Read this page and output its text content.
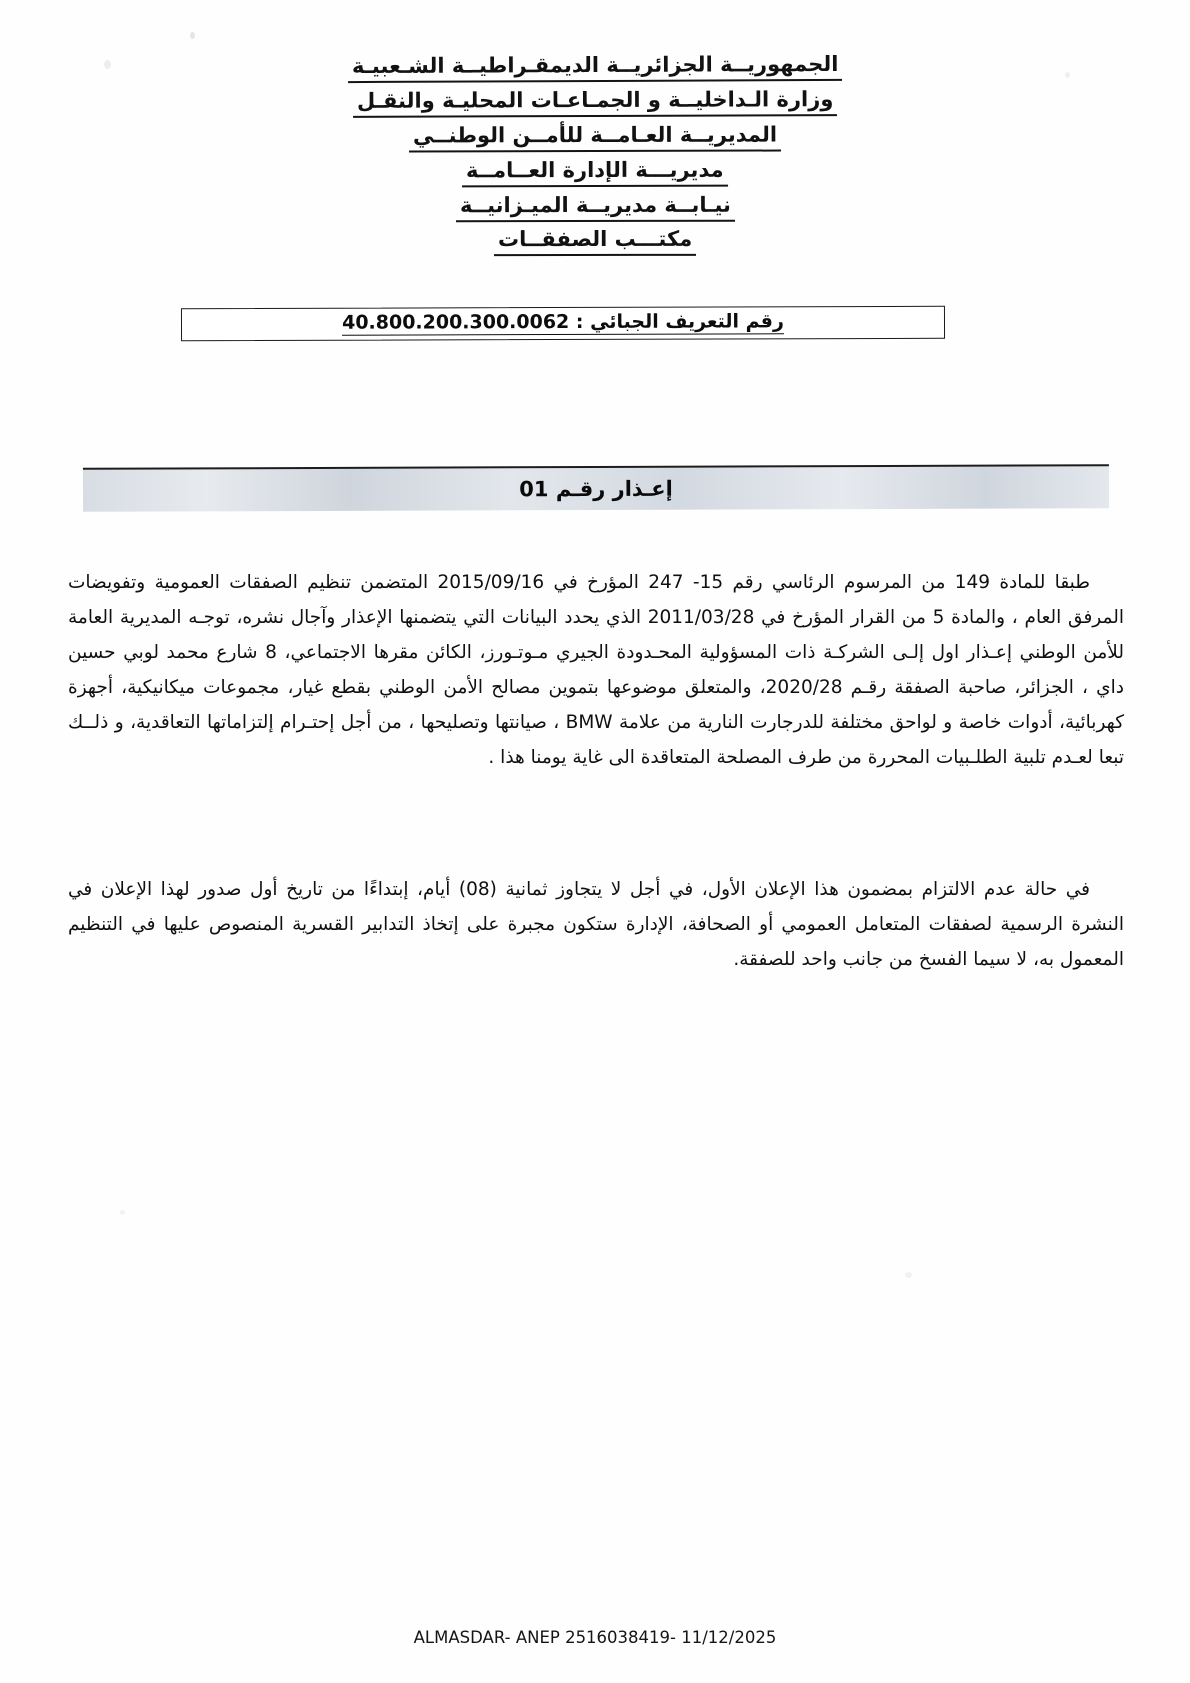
الجمهوريــة الجزائريــة الديمقـراطيــة الشـعبيـة
وزارة الـداخليــة و الجمـاعـات المحليـة والنقـل
المديريــة العـامــة للأمــن الوطنــي
مديريـــة الإدارة العــامــة
نيـابــة مديريــة الميـزانيــة
مكتـــب الصفقــات
رقم التعريف الجبائي : 40.800.200.300.0062
إعـذار رقـم 01

طبقا للمادة 149 من المرسوم الرئاسي رقم 15- 247 المؤرخ في 2015/09/16 المتضمن تنظيم الصفقات العمومية وتفويضات المرفق العام ، والمادة 5 من القرار المؤرخ في 2011/03/28 الذي يحدد البيانات التي يتضمنها الإعذار وآجال نشره، توجـه المديرية العامة للأمن الوطني إعـذار اول إلـى الشركـة ذات المسؤولية المحـدودة الجيري مـوتـورز، الكائن مقرها الاجتماعي، 8 شارع محمد لوبي حسين داي ، الجزائر، صاحبة الصفقة رقـم 2020/28، والمتعلق موضوعها بتموين مصالح الأمن الوطني بقطع غيار، مجموعات ميكانيكية، أجهزة كهربائية، أدوات خاصة و لواحق مختلفة للدرجارت النارية من علامة BMW ، صيانتها وتصليحها ، من أجل إحتـرام إلتزاماتها التعاقدية، و ذلــك تبعا لعـدم تلبية الطلـبيات المحررة من طرف المصلحة المتعاقدة الى غاية يومنا هذا .

في حالة عدم الالتزام بمضمون هذا الإعلان الأول، في أجل لا يتجاوز ثمانية (08) أيام، إبتداءًا من تاريخ أول صدور لهذا الإعلان في النشرة الرسمية لصفقات المتعامل العمومي أو الصحافة، الإدارة ستكون مجبرة على إتخاذ التدابير القسرية المنصوص عليها في التنظيم المعمول به، لا سيما الفسخ من جانب واحد للصفقة.

ALMASDAR- ANEP 2516038419- 11/12/2025
